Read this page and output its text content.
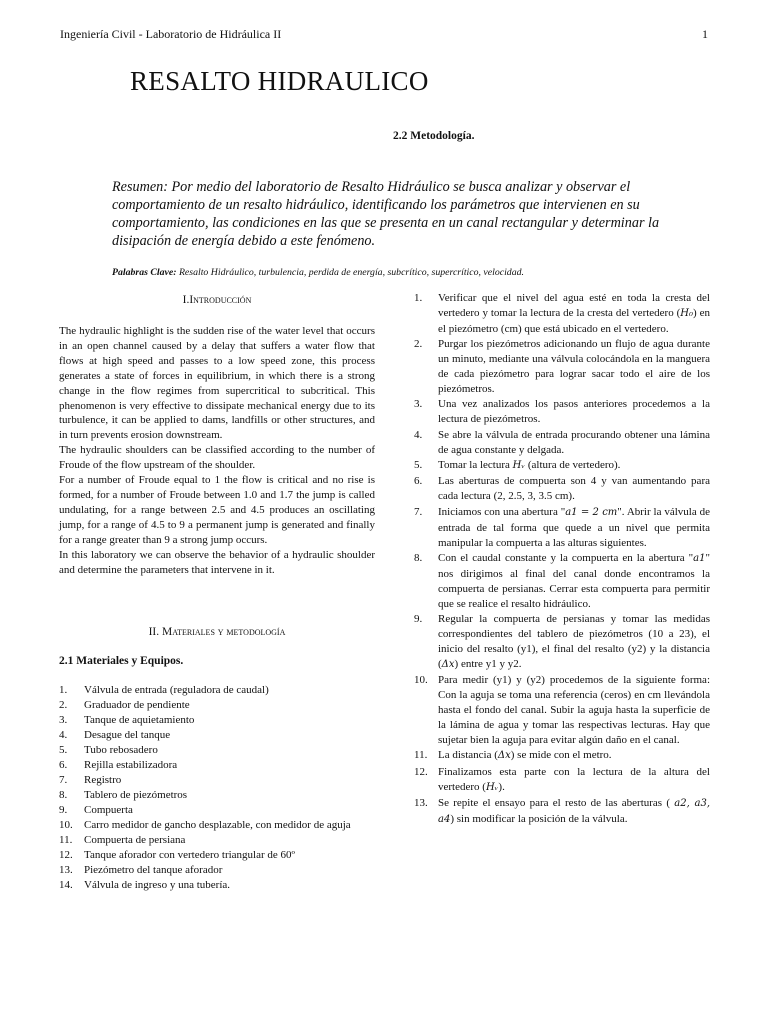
Ingeniería Civil - Laboratorio de Hidráulica II	1
RESALTO HIDRAULICO
2.2 Metodología.
Resumen: Por medio del laboratorio de Resalto Hidráulico se busca analizar y observar el comportamiento de un resalto hidráulico, identificando los parámetros que intervienen en su comportamiento, las condiciones en las que se presenta en un canal rectangular y determinar la disipación de energía debido a este fenómeno.
Palabras Clave: Resalto Hidráulico, turbulencia, perdida de energía, subcrítico, supercrítico, velocidad.
I.Introducción
The hydraulic highlight is the sudden rise of the water level that occurs in an open channel caused by a delay that suffers a water flow that flows at high speed and passes to a low speed zone, this process generates a state of forces in equilibrium, in which there is a strong change in the flow regimes from supercritical to subcritical. This phenomenon is very effective to dissipate mechanical energy due to its turbulence, it can be applied to dams, landfills or other structures, and in turn prevents erosion downstream.
The hydraulic shoulders can be classified according to the number of Froude of the flow upstream of the shoulder.
For a number of Froude equal to 1 the flow is critical and no rise is formed, for a number of Froude between 1.0 and 1.7 the jump is called undulating, for a range between 2.5 and 4.5 produces an oscillating jump, for a range of 4.5 to 9 a permanent jump is generated and finally for a range greater than 9 a strong jump occurs.
In this laboratory we can observe the behavior of a hydraulic shoulder and determine the parameters that intervene in it.
II. Materiales y metodología
2.1 Materiales y Equipos.
1.	Válvula de entrada (reguladora de caudal)
2.	Graduador de pendiente
3.	Tanque de aquietamiento
4.	Desague del tanque
5.	Tubo rebosadero
6.	Rejilla estabilizadora
7.	Registro
8.	Tablero de piezómetros
9.	Compuerta
10.	Carro medidor de gancho desplazable, con medidor de aguja
11.	Compuerta de persiana
12.	Tanque aforador con vertedero triangular de 60º
13.	Piezómetro del tanque aforador
14.	Válvula de ingreso y una tubería.
1.	Verificar que el nivel del agua esté en toda la cresta del vertedero y tomar la lectura de la cresta del vertedero (H₀) en el piezómetro (cm) que está ubicado en el vertedero.
2.	Purgar los piezómetros adicionando un flujo de agua durante un minuto, mediante una válvula colocándola en la manguera de cada piezómetro para lograr sacar todo el aire de los piezómetros.
3.	Una vez analizados los pasos anteriores procedemos a la lectura de piezómetros.
4.	Se abre la válvula de entrada procurando obtener una lámina de agua constante y delgada.
5.	Tomar la lectura Hᵥ (altura de vertedero).
6.	Las aberturas de compuerta son 4 y van aumentando para cada lectura (2, 2.5, 3, 3.5 cm).
7.	Iniciamos con una abertura "a1 = 2 cm". Abrir la válvula de entrada de tal forma que quede a un nivel que permita manipular la compuerta a las alturas siguientes.
8.	Con el caudal constante y la compuerta en la abertura "a1" nos dirigimos al final del canal donde encontramos la compuerta de persianas. Cerrar esta compuerta para permitir que se realice el resalto hidráulico.
9.	Regular la compuerta de persianas y tomar las medidas correspondientes del tablero de piezómetros (10 a 23), el inicio del resalto (y1), el final del resalto (y2) y la distancia (Δx) entre y1 y y2.
10. Para medir (y1) y (y2) procedemos de la siguiente forma: Con la aguja se toma una referencia (ceros) en cm llevándola hasta el fondo del canal. Subir la aguja hasta la superficie de la lámina de agua y tomar las respectivas lecturas. Hay que sujetar bien la aguja para evitar algún daño en el canal.
11. La distancia (Δx) se mide con el metro.
12. Finalizamos esta parte con la lectura de la altura del vertedero (Hᵥ).
13. Se repite el ensayo para el resto de las aberturas ( a2, a3, a4) sin modificar la posición de la válvula.
